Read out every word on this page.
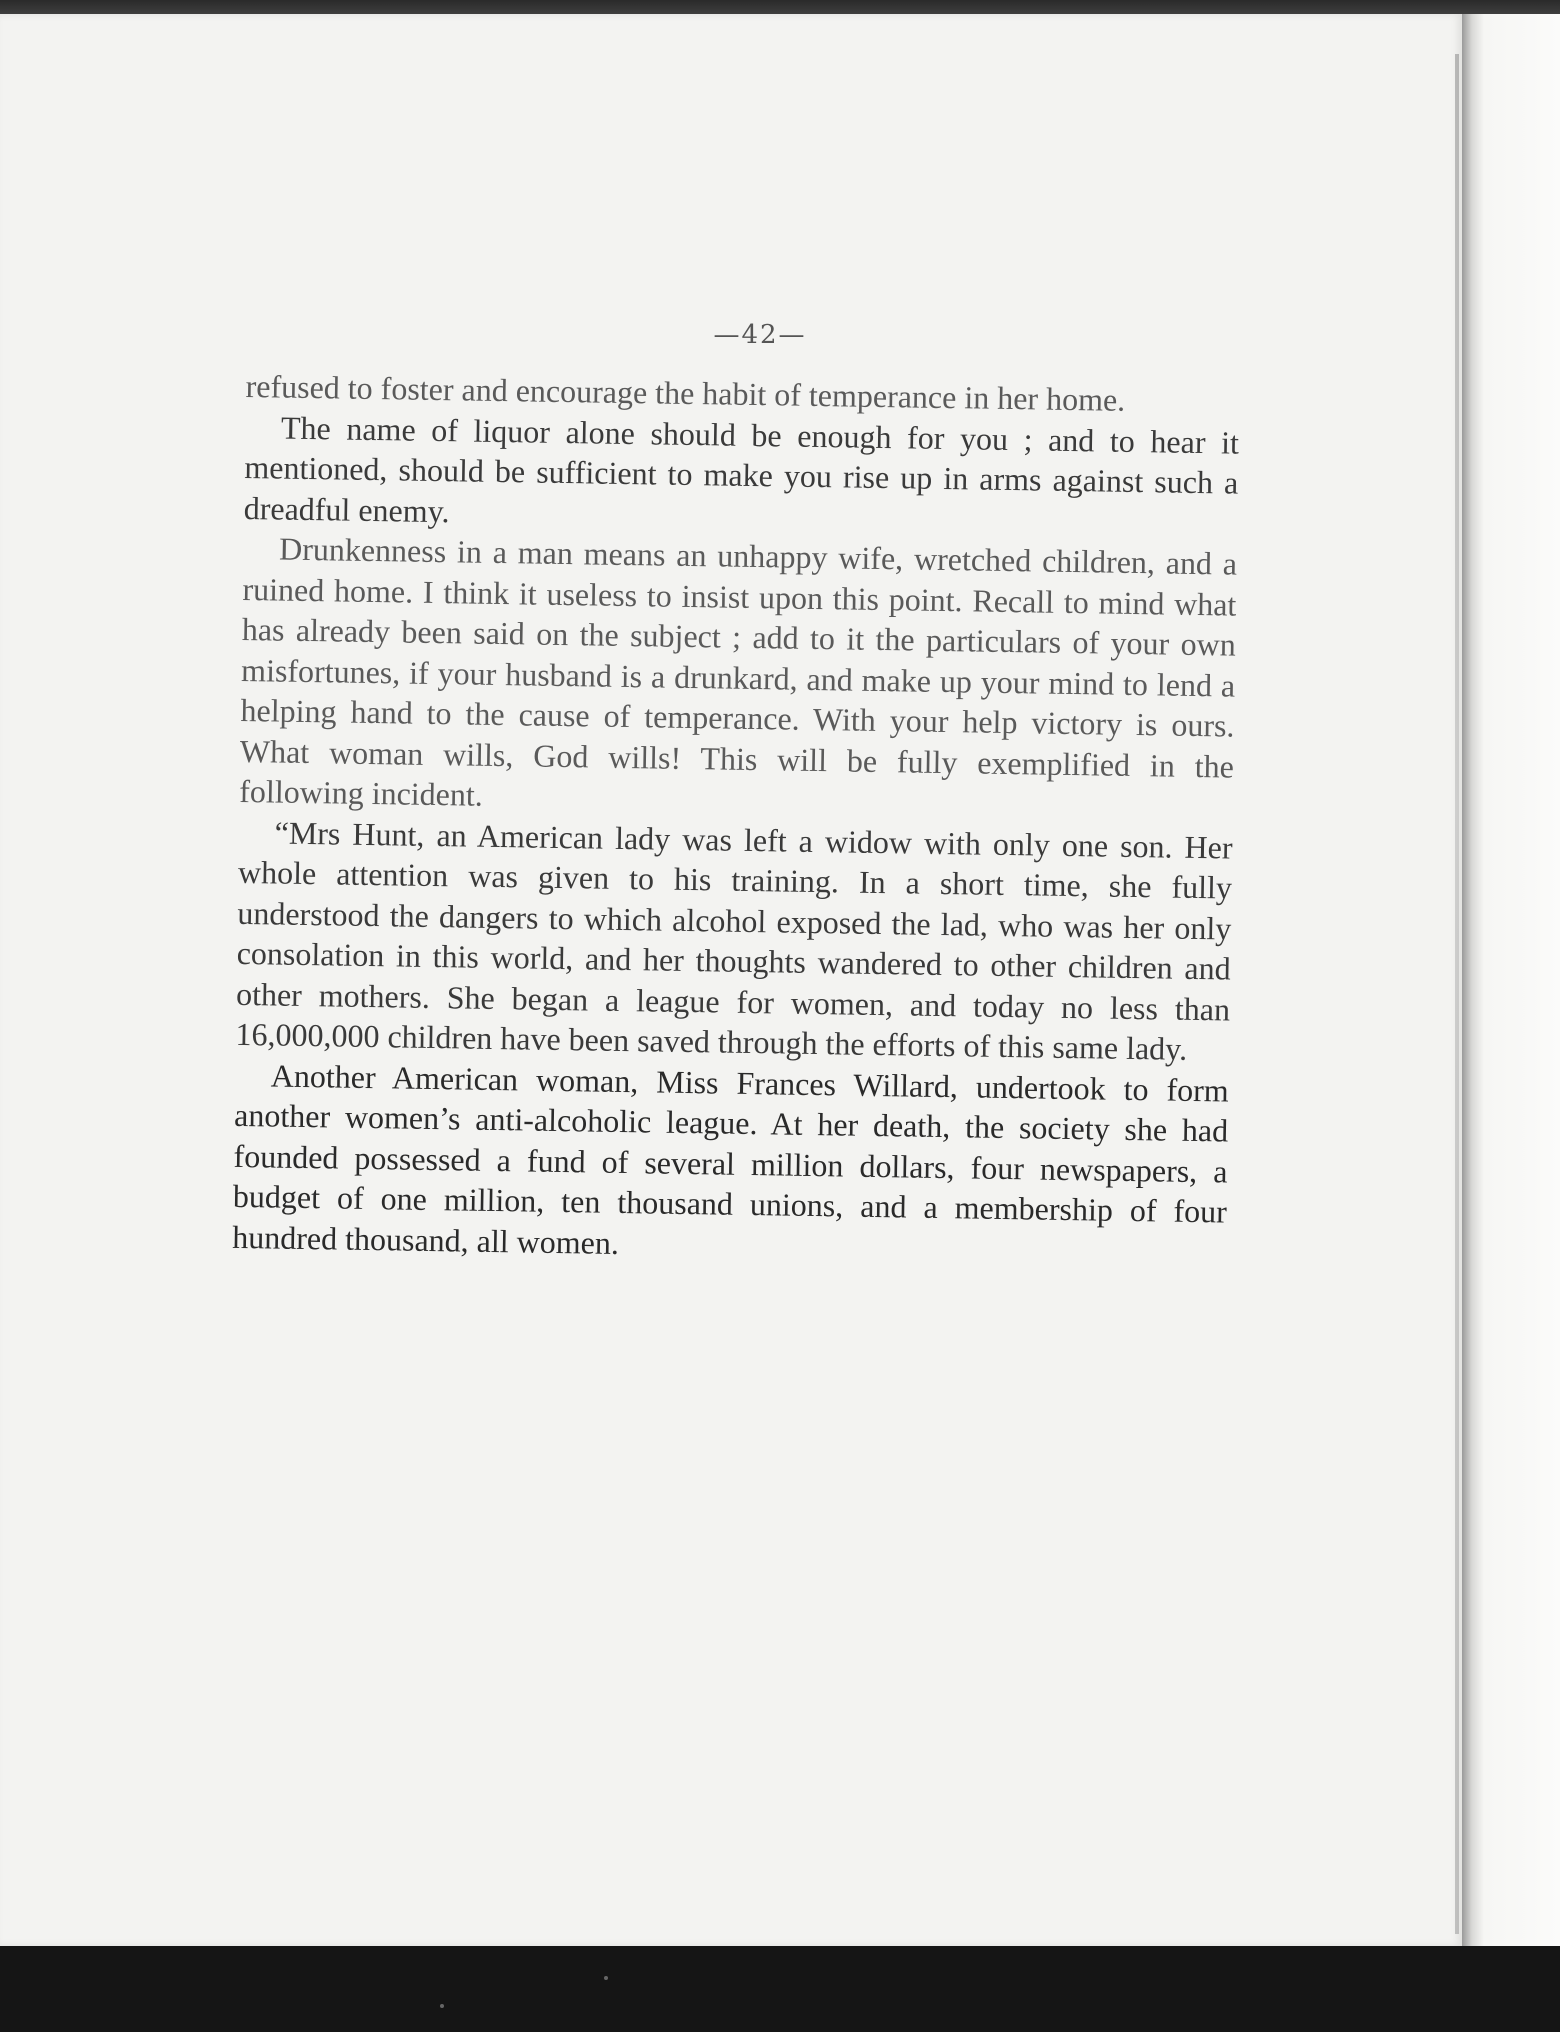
—42—

refused to foster and encourage the habit of temperance in her home.

The name of liquor alone should be enough for you ; and to hear it mentioned, should be sufficient to make you rise up in arms against such a dreadful enemy.

Drunkenness in a man means an unhappy wife, wretched children, and a ruined home. I think it useless to insist upon this point. Recall to mind what has already been said on the subject ; add to it the particulars of your own misfortunes, if your husband is a drunkard, and make up your mind to lend a helping hand to the cause of temperance. With your help victory is ours. What woman wills, God wills! This will be fully exemplified in the following incident.

“Mrs Hunt, an American lady was left a widow with only one son. Her whole attention was given to his training. In a short time, she fully understood the dangers to which alcohol exposed the lad, who was her only consolation in this world, and her thoughts wandered to other children and other mothers. She began a league for women, and today no less than 16,000,000 children have been saved through the efforts of this same lady.

Another American woman, Miss Frances Willard, undertook to form another women’s anti-alcoholic league. At her death, the society she had founded possessed a fund of several million dollars, four newspapers, a budget of one million, ten thousand unions, and a membership of four hundred thousand, all women.
